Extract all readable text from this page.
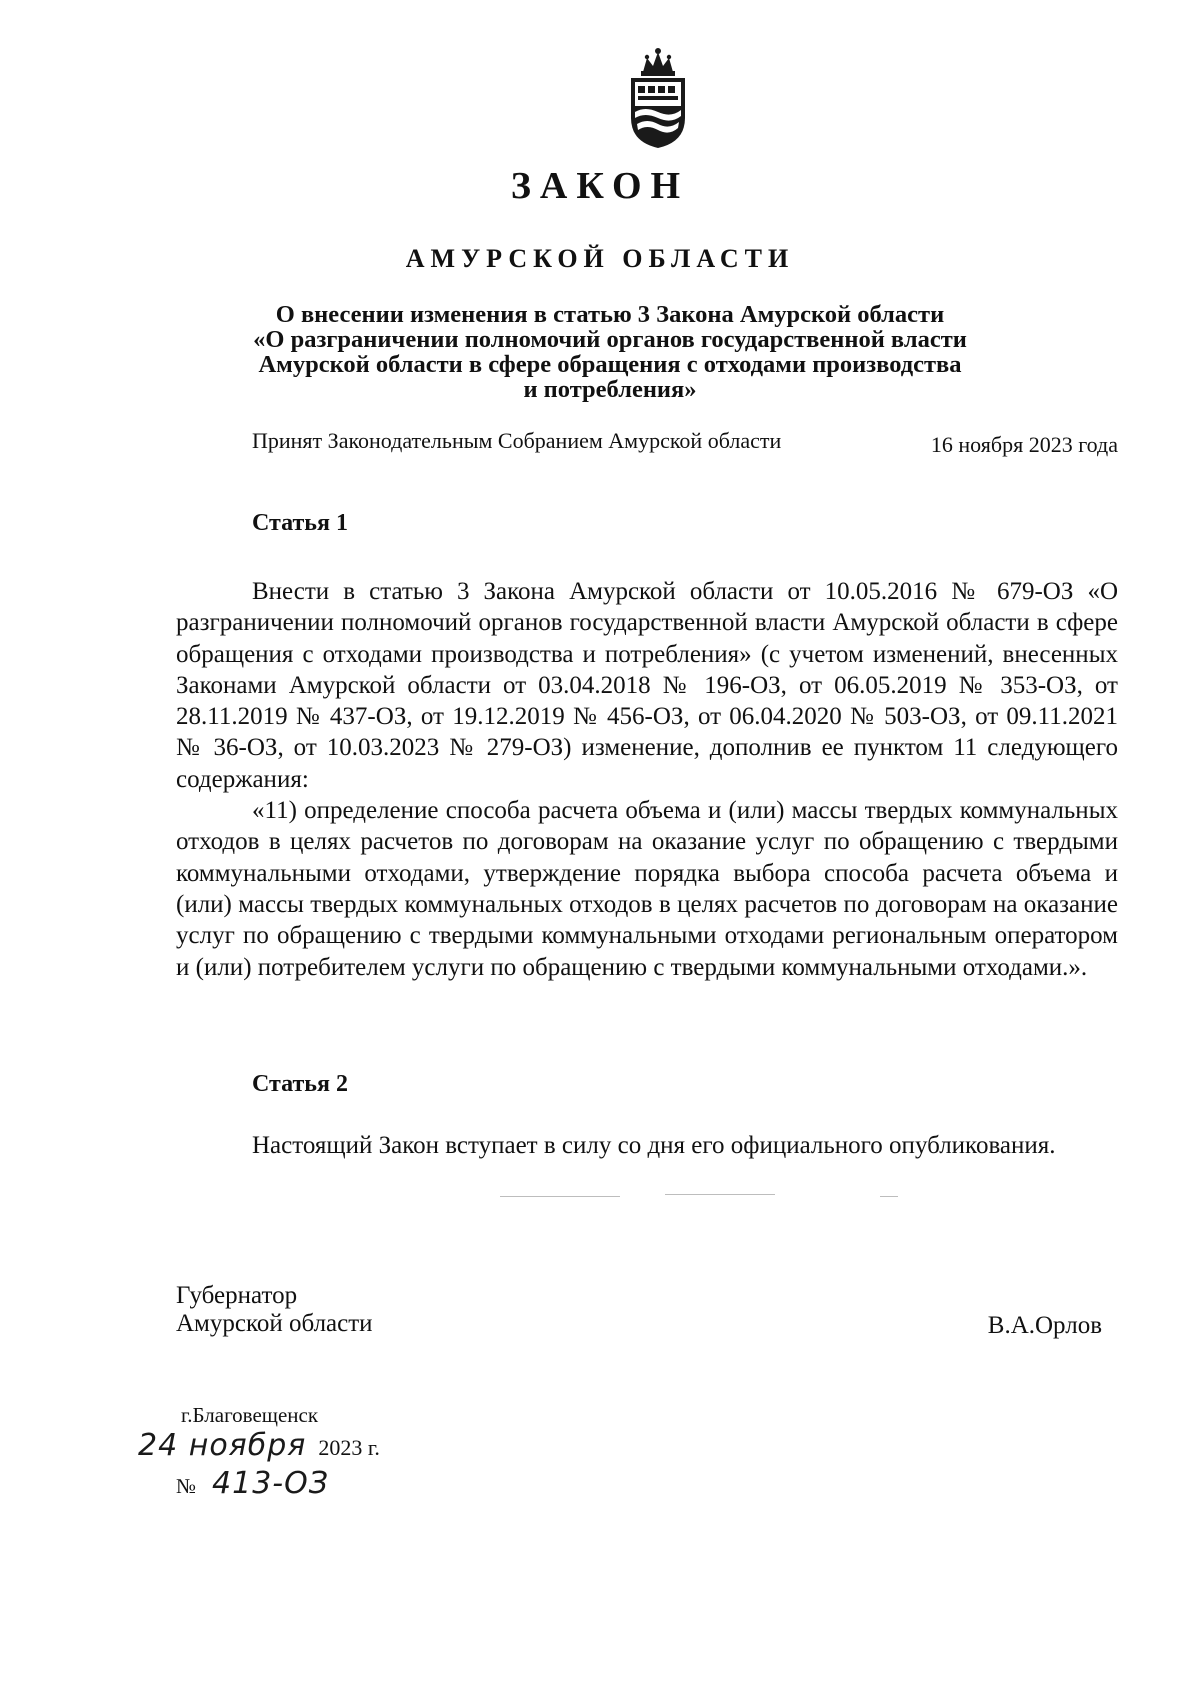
ЗАКОН
АМУРСКОЙ ОБЛАСТИ
О внесении изменения в статью 3 Закона Амурской области
«О разграничении полномочий органов государственной власти
Амурской области в сфере обращения с отходами производства
и потребления»
Принят Законодательным Собранием Амурской области	16 ноября 2023 года
Статья 1

Внести в статью 3 Закона Амурской области от 10.05.2016 № 679-ОЗ «О разграничении полномочий органов государственной власти Амурской области в сфере обращения с отходами производства и потребления» (с учетом изменений, внесенных Законами Амурской области от 03.04.2018 № 196-ОЗ, от 06.05.2019 № 353-ОЗ, от 28.11.2019 № 437-ОЗ, от 19.12.2019 № 456-ОЗ, от 06.04.2020 № 503-ОЗ, от 09.11.2021 № 36-ОЗ, от 10.03.2023 № 279-ОЗ) изменение, дополнив ее пунктом 11 следующего содержания:

«11) определение способа расчета объема и (или) массы твердых коммунальных отходов в целях расчетов по договорам на оказание услуг по обращению с твердыми коммунальными отходами, утверждение порядка выбора способа расчета объема и (или) массы твердых коммунальных отходов в целях расчетов по договорам на оказание услуг по обращению с твердыми коммунальными отходами региональным оператором и (или) потребителем услуги по обращению с твердыми коммунальными отходами.».

Статья 2

Настоящий Закон вступает в силу со дня его официального опубликования.

Губернатор
Амурской области	В.А.Орлов
г.Благовещенск
24 ноября 2023 г.
№ 413-ОЗ
